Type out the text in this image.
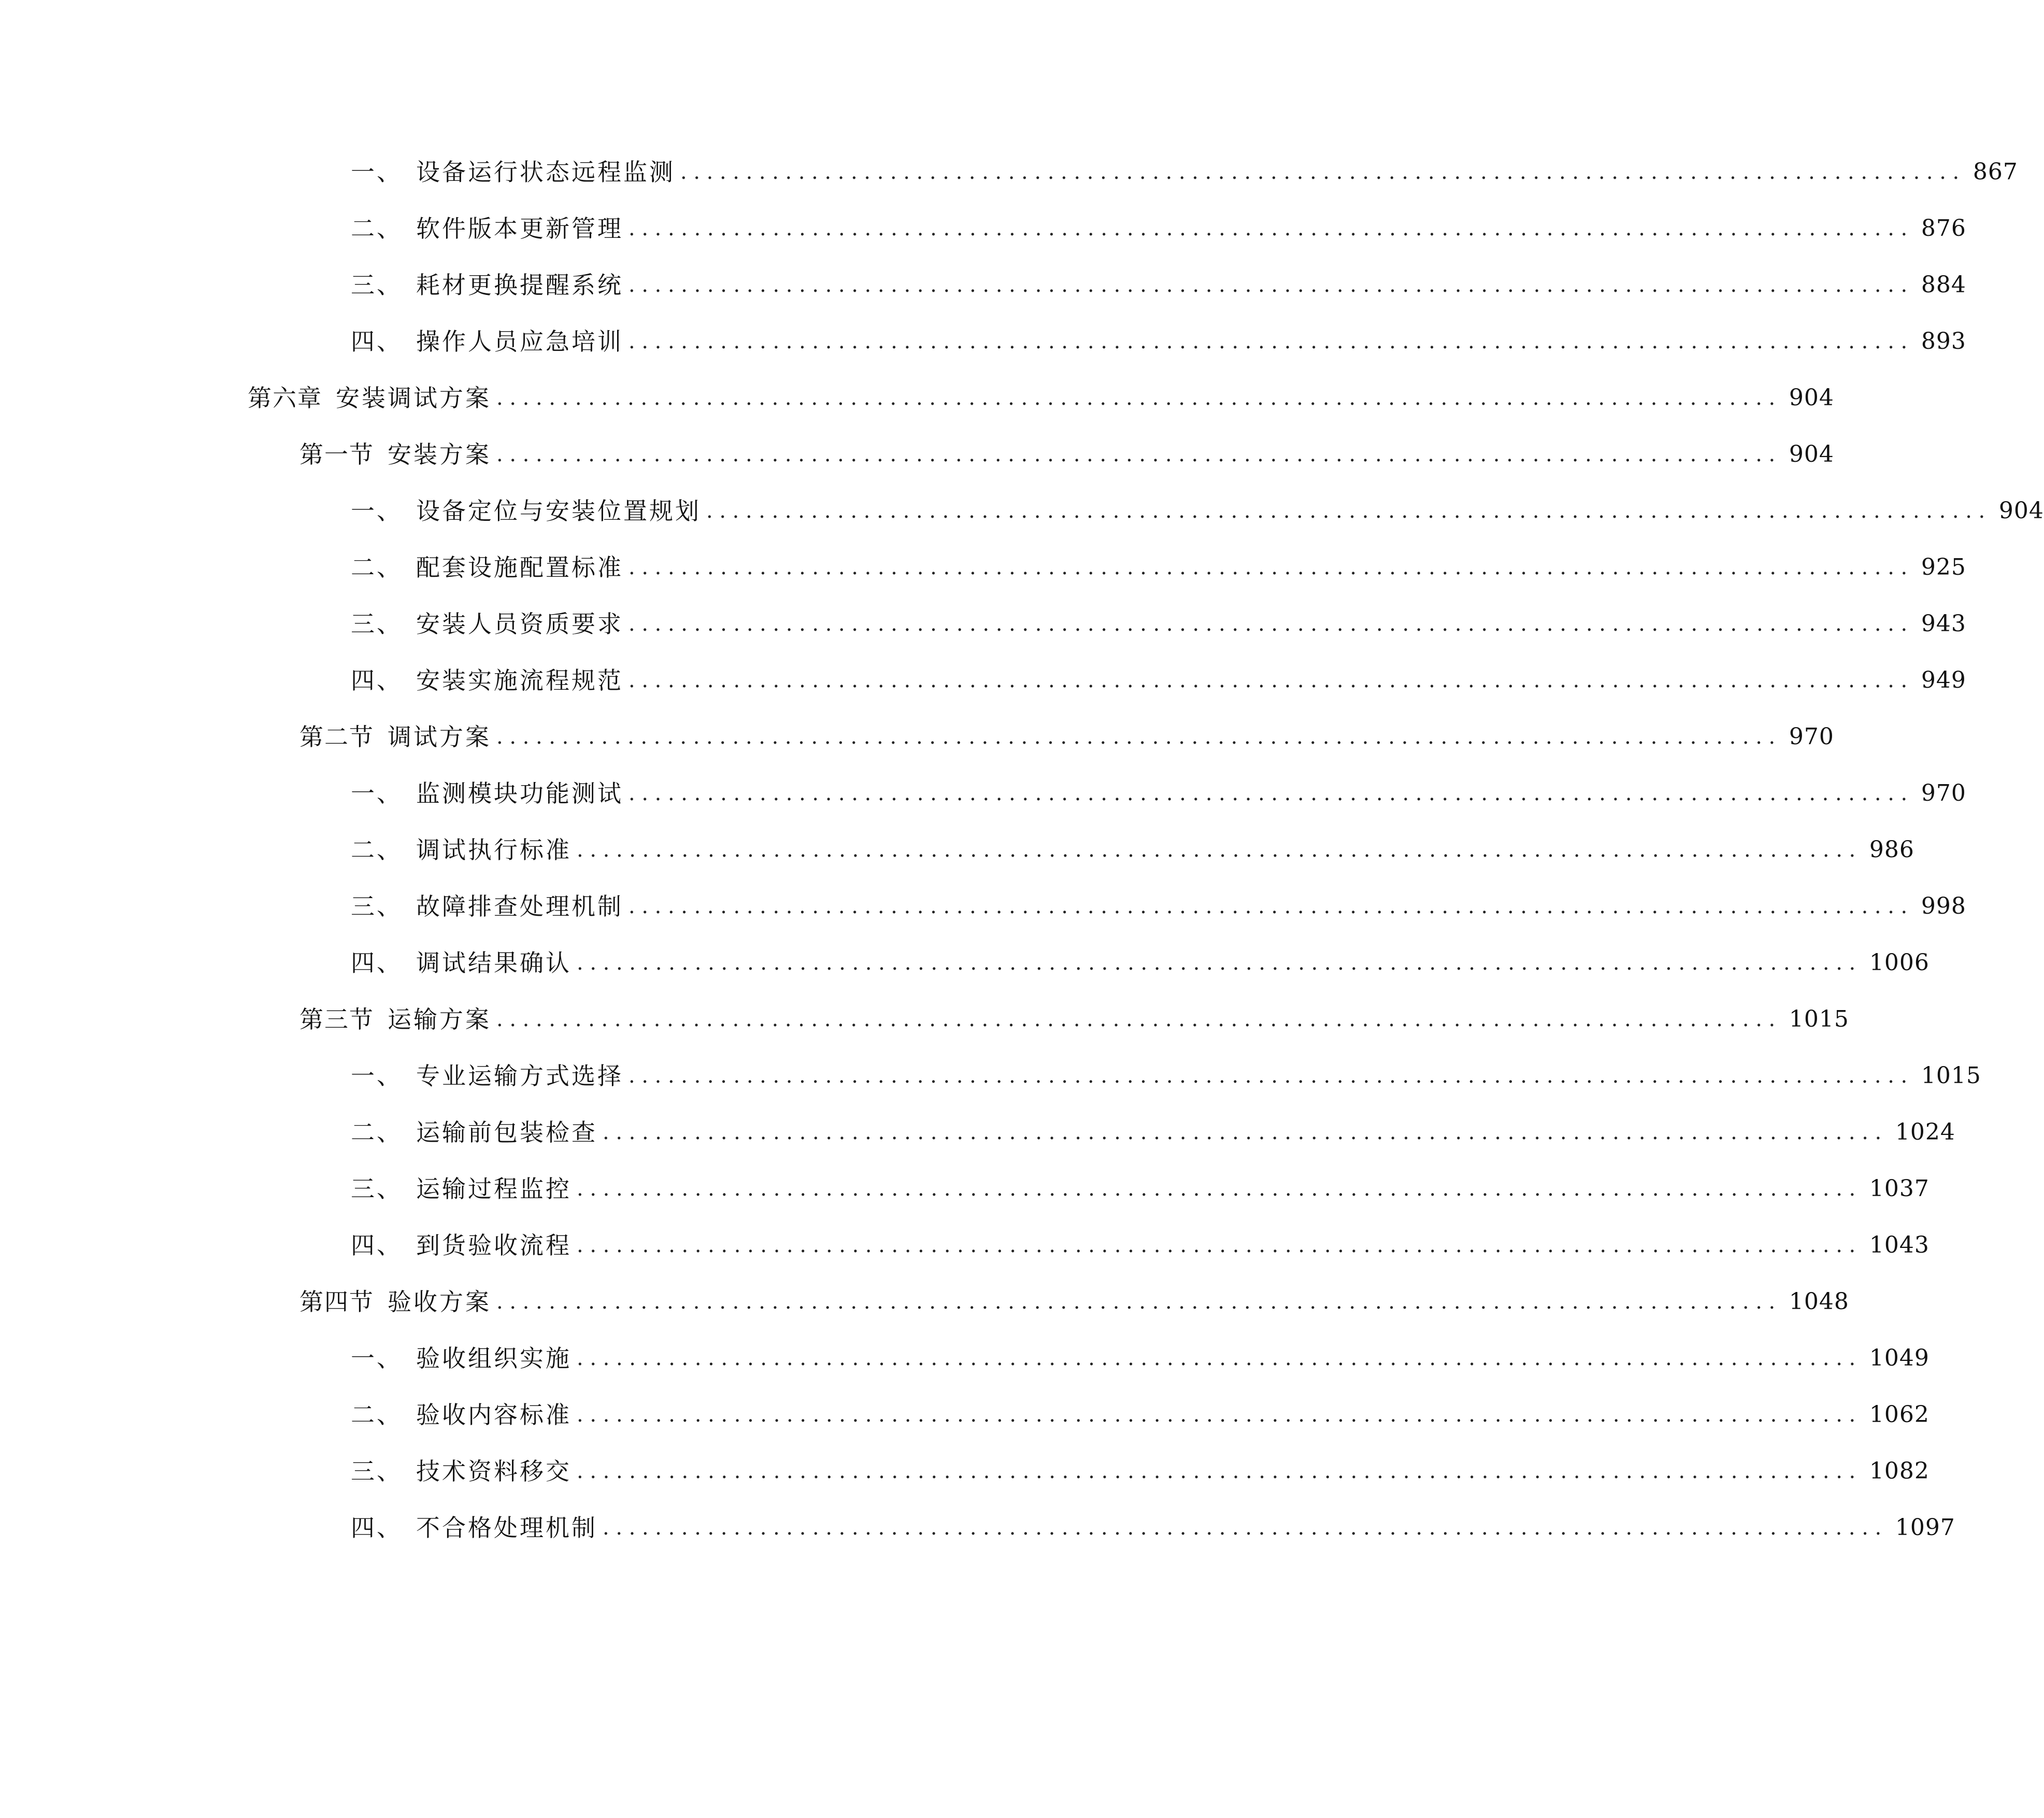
一、 设备运行状态远程监测 .................................................................................................. 867
二、 软件版本更新管理 .................................................................................................. 876
三、 耗材更换提醒系统 .................................................................................................. 884
四、 操作人员应急培训 .................................................................................................. 893
第六章 安装调试方案 .................................................................................................. 904
第一节 安装方案 .................................................................................................. 904
一、 设备定位与安装位置规划 .................................................................................................. 904
二、 配套设施配置标准 .................................................................................................. 925
三、 安装人员资质要求 .................................................................................................. 943
四、 安装实施流程规范 .................................................................................................. 949
第二节 调试方案 .................................................................................................. 970
一、 监测模块功能测试 .................................................................................................. 970
二、 调试执行标准 .................................................................................................. 986
三、 故障排查处理机制 .................................................................................................. 998
四、 调试结果确认 .................................................................................................. 1006
第三节 运输方案 .................................................................................................. 1015
一、 专业运输方式选择 .................................................................................................. 1015
二、 运输前包装检查 .................................................................................................. 1024
三、 运输过程监控 .................................................................................................. 1037
四、 到货验收流程 .................................................................................................. 1043
第四节 验收方案 .................................................................................................. 1048
一、 验收组织实施 .................................................................................................. 1049
二、 验收内容标准 .................................................................................................. 1062
三、 技术资料移交 .................................................................................................. 1082
四、 不合格处理机制 .................................................................................................. 1097
